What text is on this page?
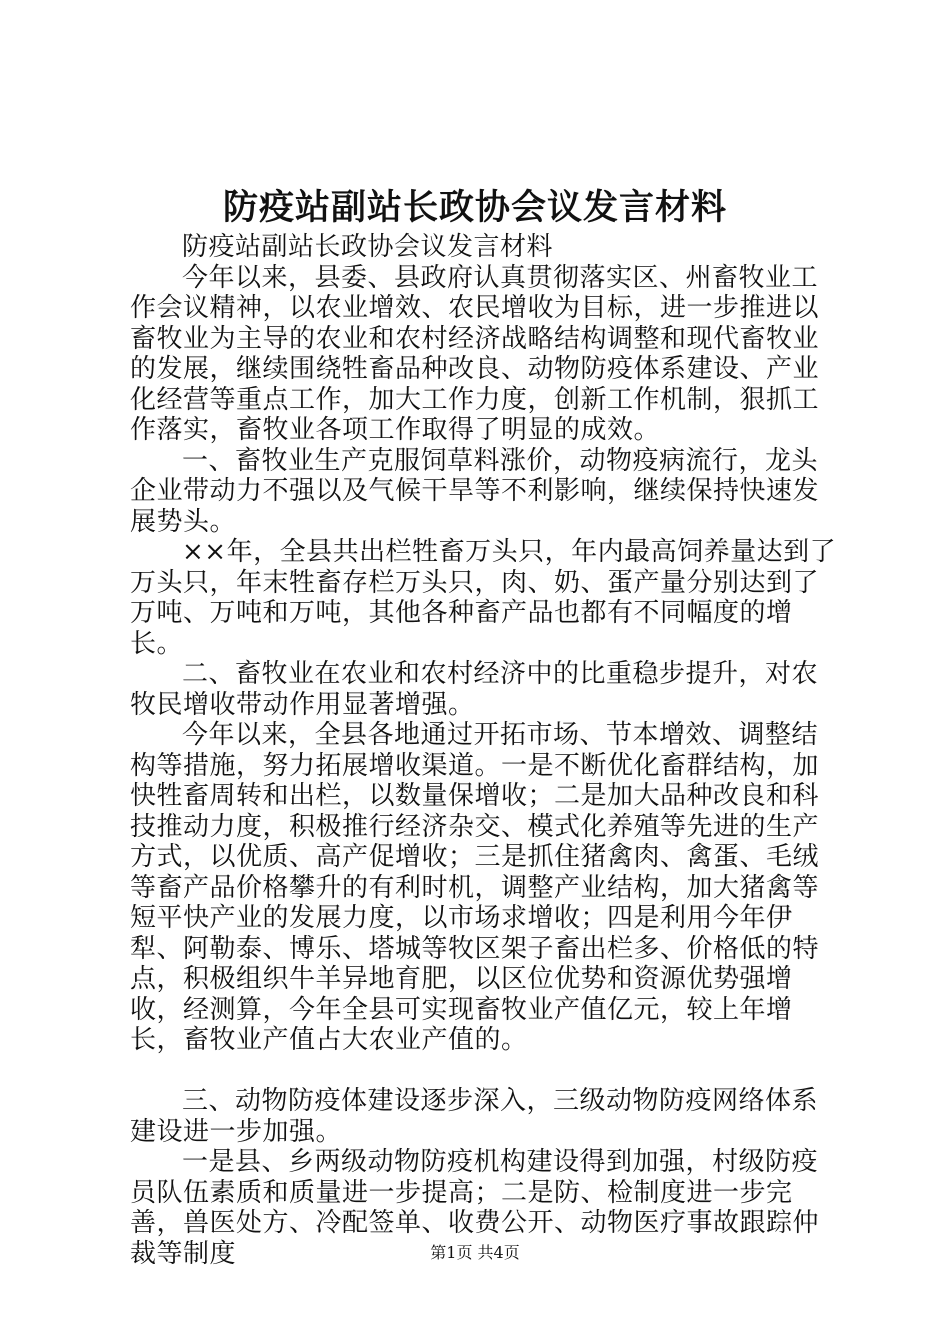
防疫站副站长政协会议发言材料

防疫站副站长政协会议发言材料

今年以来，县委、县政府认真贯彻落实区、州畜牧业工作会议精神，以农业增效、农民增收为目标，进一步推进以畜牧业为主导的农业和农村经济战略结构调整和现代畜牧业的发展，继续围绕牲畜品种改良、动物防疫体系建设、产业化经营等重点工作，加大工作力度，创新工作机制，狠抓工作落实，畜牧业各项工作取得了明显的成效。

一、畜牧业生产克服饲草料涨价，动物疫病流行，龙头企业带动力不强以及气候干旱等不利影响，继续保持快速发展势头。

××年，全县共出栏牲畜万头只，年内最高饲养量达到了万头只，年末牲畜存栏万头只，肉、奶、蛋产量分别达到了万吨、万吨和万吨，其他各种畜产品也都有不同幅度的增长。

二、畜牧业在农业和农村经济中的比重稳步提升，对农牧民增收带动作用显著增强。

今年以来，全县各地通过开拓市场、节本增效、调整结构等措施，努力拓展增收渠道。一是不断优化畜群结构，加快牲畜周转和出栏，以数量保增收；二是加大品种改良和科技推动力度，积极推行经济杂交、模式化养殖等先进的生产方式，以优质、高产促增收；三是抓住猪禽肉、禽蛋、毛绒等畜产品价格攀升的有利时机，调整产业结构，加大猪禽等短平快产业的发展力度，以市场求增收；四是利用今年伊犁、阿勒泰、博乐、塔城等牧区架子畜出栏多、价格低的特点，积极组织牛羊异地育肥，以区位优势和资源优势强增收，经测算，今年全县可实现畜牧业产值亿元，较上年增长，畜牧业产值占大农业产值的。

三、动物防疫体建设逐步深入，三级动物防疫网络体系建设进一步加强。

一是县、乡两级动物防疫机构建设得到加强，村级防疫员队伍素质和质量进一步提高；二是防、检制度进一步完善，兽医处方、冷配签单、收费公开、动物医疗事故跟踪仲裁等制度	第1页 共4页
